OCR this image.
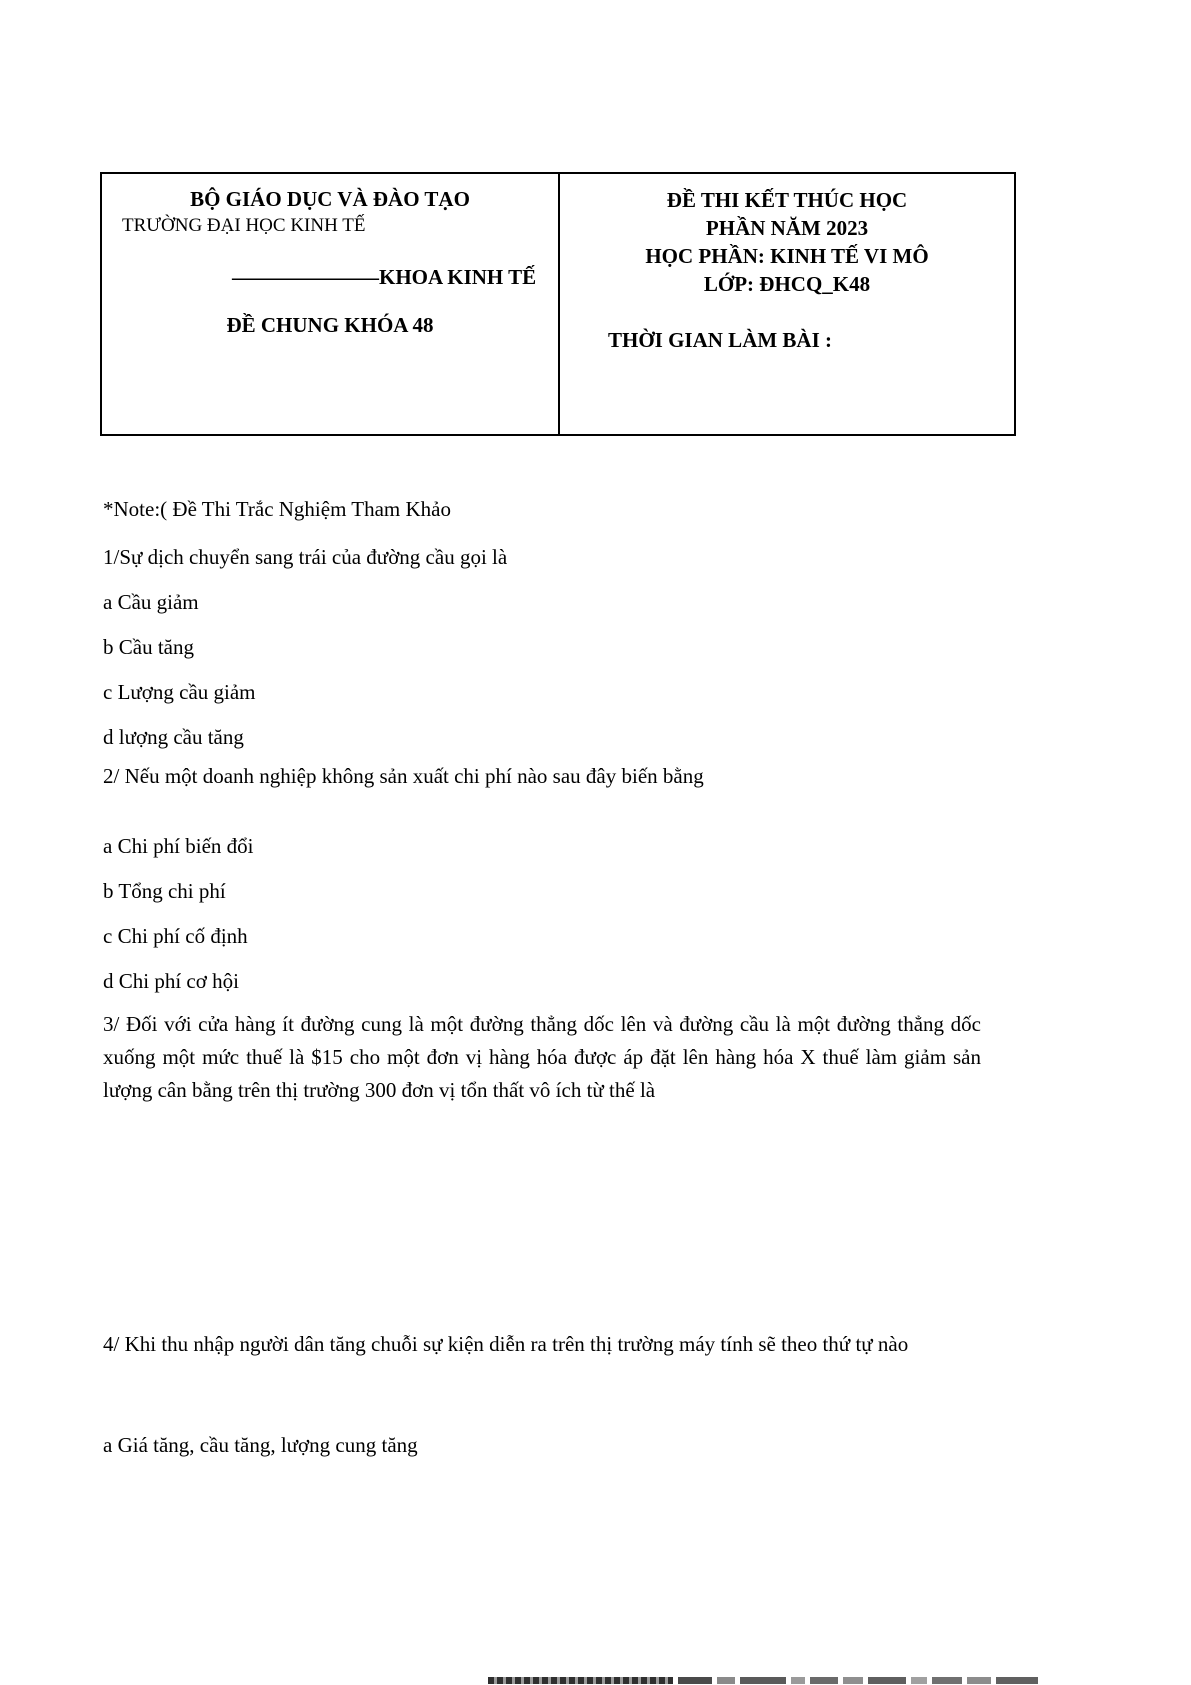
BỘ GIÁO DỤC VÀ ĐÀO TẠO

TRƯỜNG ĐẠI HỌC KINH TẾ

———————KHOA KINH TẾ

ĐỀ CHUNG KHÓA 48

ĐỀ THI KẾT THÚC HỌC

PHẦN NĂM 2023

HỌC PHẦN: KINH TẾ VI MÔ

LỚP: ĐHCQ_K48

THỜI GIAN LÀM BÀI :

*Note:( Đề Thi Trắc Nghiệm Tham Khảo

1/Sự dịch chuyển sang trái của đường cầu gọi là

a Cầu giảm

b Cầu tăng

c Lượng cầu giảm

d lượng cầu tăng

2/ Nếu một doanh nghiệp không sản xuất chi phí nào sau đây biến bằng

a Chi phí biến đổi

b Tổng chi phí

c Chi phí cố định

d Chi phí cơ hội

3/ Đối với cửa hàng ít đường cung là một đường thẳng dốc lên và đường cầu là một đường thẳng dốc xuống một mức thuế là $15 cho một đơn vị hàng hóa được áp đặt lên hàng hóa X thuế làm giảm sản lượng cân bằng trên thị trường 300 đơn vị tổn thất vô ích từ thế là

4/ Khi thu nhập người dân tăng chuỗi sự kiện diễn ra trên thị trường máy tính sẽ theo thứ tự nào

a Giá tăng, cầu tăng, lượng cung tăng
